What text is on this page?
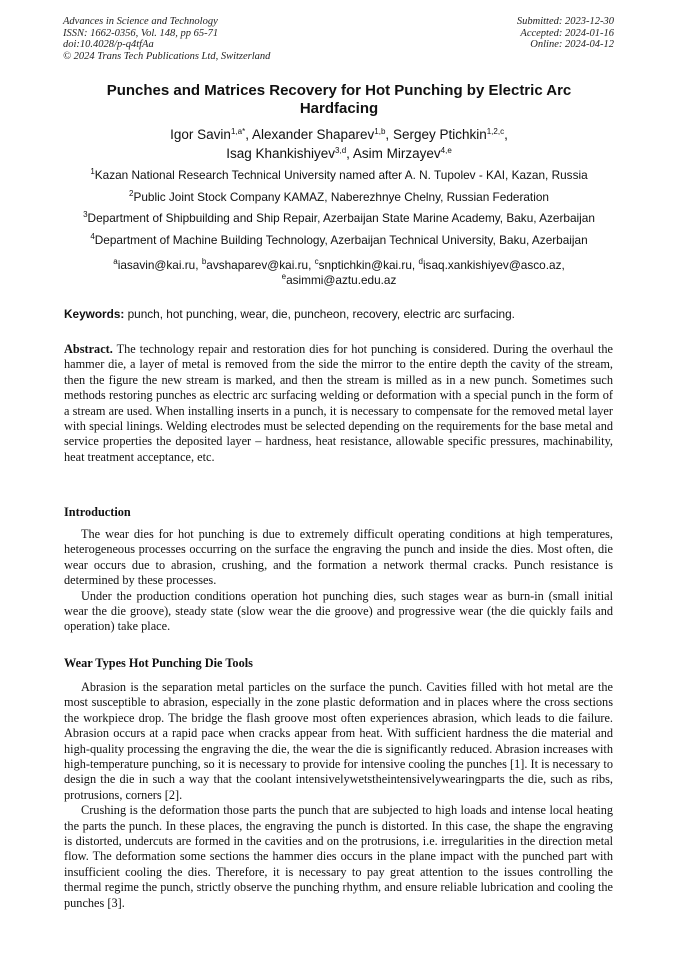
Advances in Science and Technology
ISSN: 1662-0356, Vol. 148, pp 65-71
doi:10.4028/p-q4tfAa
© 2024 Trans Tech Publications Ltd, Switzerland
Submitted: 2023-12-30
Accepted: 2024-01-16
Online: 2024-04-12
Punches and Matrices Recovery for Hot Punching by Electric Arc Hardfacing
Igor Savin$^{1,a*}$, Alexander Shaparev$^{1,b}$, Sergey Ptichkin$^{1,2,c}$,
Isag Khankishiyev$^{3,d}$, Asim Mirzayev$^{4,e}$
$^1$Kazan National Research Technical University named after A. N. Tupolev - KAI, Kazan, Russia
$^2$Public Joint Stock Company KAMAZ, Naberezhnye Chelny, Russian Federation
$^3$Department of Shipbuilding and Ship Repair, Azerbaijan State Marine Academy, Baku, Azerbaijan
$^4$Department of Machine Building Technology, Azerbaijan Technical University, Baku, Azerbaijan
$^a$iasavin@kai.ru, $^b$avshaparev@kai.ru, $^c$snptichkin@kai.ru, $^d$isaq.xankishiyev@asco.az,
$^e$asimmi@aztu.edu.az
Keywords: punch, hot punching, wear, die, puncheon, recovery, electric arc surfacing.

Abstract. The technology repair and restoration dies for hot punching is considered. During the overhaul the hammer die, a layer of metal is removed from the side the mirror to the entire depth the cavity of the stream, then the figure the new stream is marked, and then the stream is milled as in a new punch. Sometimes such methods restoring punches as electric arc surfacing welding or deformation with a special punch in the form of a stream are used. When installing inserts in a punch, it is necessary to compensate for the removed metal layer with special linings. Welding electrodes must be selected depending on the requirements for the base metal and service properties the deposited layer – hardness, heat resistance, allowable specific pressures, machinability, heat treatment acceptance, etc.

Introduction

The wear dies for hot punching is due to extremely difficult operating conditions at high temperatures, heterogeneous processes occurring on the surface the engraving the punch and inside the dies. Most often, die wear occurs due to abrasion, crushing, and the formation a network thermal cracks. Punch resistance is determined by these processes.

Under the production conditions operation hot punching dies, such stages wear as burn-in (small initial wear the die groove), steady state (slow wear the die groove) and progressive wear (the die quickly fails and operation) take place.

Wear Types Hot Punching Die Tools

Abrasion is the separation metal particles on the surface the punch. Cavities filled with hot metal are the most susceptible to abrasion, especially in the zone plastic deformation and in places where the cross sections the workpiece drop. The bridge the flash groove most often experiences abrasion, which leads to die failure. Abrasion occurs at a rapid pace when cracks appear from heat. With sufficient hardness the die material and high-quality processing the engraving the die, the wear the die is significantly reduced. Abrasion increases with high-temperature punching, so it is necessary to provide for intensive cooling the punches [1]. It is necessary to design the die in such a way that the coolant intensivelywetstheintensivelywearingparts the die, such as ribs, protrusions, corners [2].

Crushing is the deformation those parts the punch that are subjected to high loads and intense local heating the parts the punch. In these places, the engraving the punch is distorted. In this case, the shape the engraving is distorted, undercuts are formed in the cavities and on the protrusions, i.e. irregularities in the direction metal flow. The deformation some sections the hammer dies occurs in the plane impact with the punched part with insufficient cooling the dies. Therefore, it is necessary to pay great attention to the issues controlling the thermal regime the punch, strictly observe the punching rhythm, and ensure reliable lubrication and cooling the punches [3].
